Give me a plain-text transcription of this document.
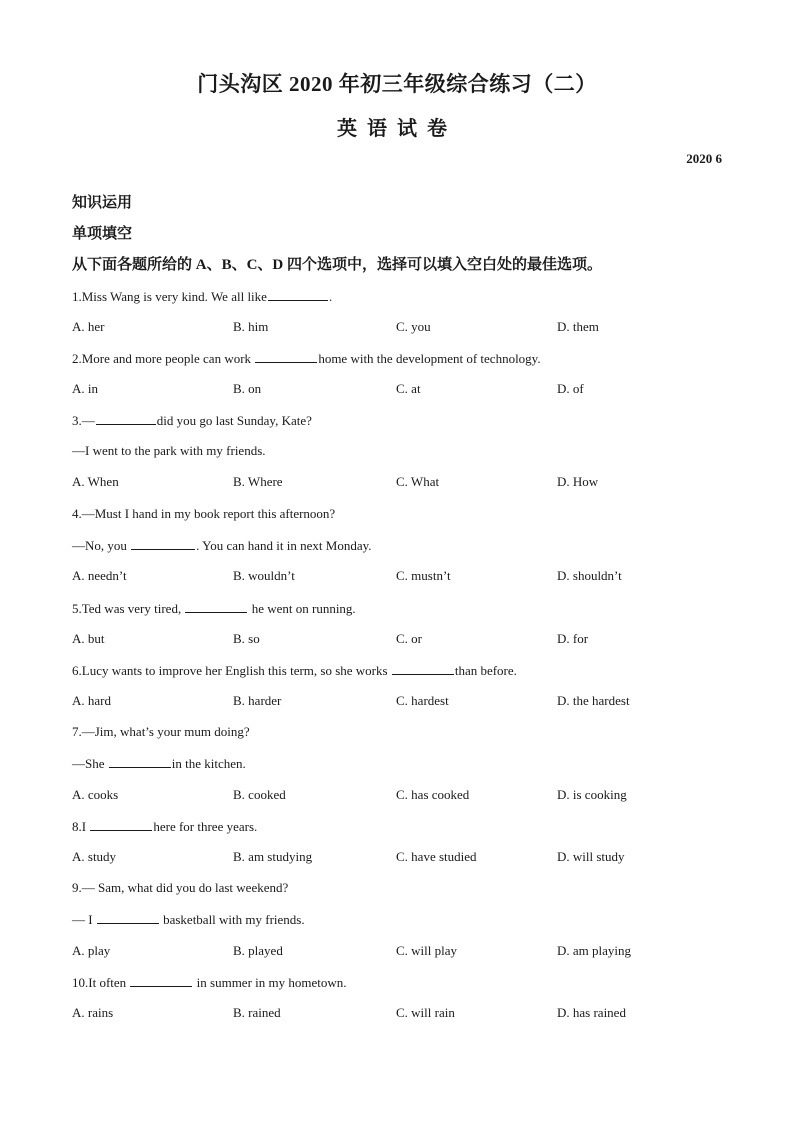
门头沟区 2020 年初三年级综合练习（二）
英语试卷
2020 6
知识运用
单项填空
从下面各题所给的 A、B、C、D 四个选项中，选择可以填入空白处的最佳选项。
1.Miss Wang is very kind. We all like	.
A. her	B. him	C. you	D. them
2.More and more people can work	home with the development of technology.
A. in	B. on	C. at	D. of
3.—	did you go last Sunday, Kate?
—I went to the park with my friends.
A. When	B. Where	C. What	D. How
4.—Must I hand in my book report this afternoon?
—No, you	. You can hand it in next Monday.
A. needn’t	B. wouldn’t	C. mustn’t	D. shouldn’t
5.Ted was very tired,	he went on running.
A. but	B. so	C. or	D. for
6.Lucy wants to improve her English this term, so she works	than before.
A. hard	B. harder	C. hardest	D. the hardest
7.—Jim, what’s your mum doing?
—She	in the kitchen.
A. cooks	B. cooked	C. has cooked	D. is cooking
8.I	here for three years.
A. study	B. am studying	C. have studied	D. will study
9.— Sam, what did you do last weekend?
— I	basketball with my friends.
A. play	B. played	C. will play	D. am playing
10.It often	in summer in my hometown.
A. rains	B. rained	C. will rain	D. has rained
